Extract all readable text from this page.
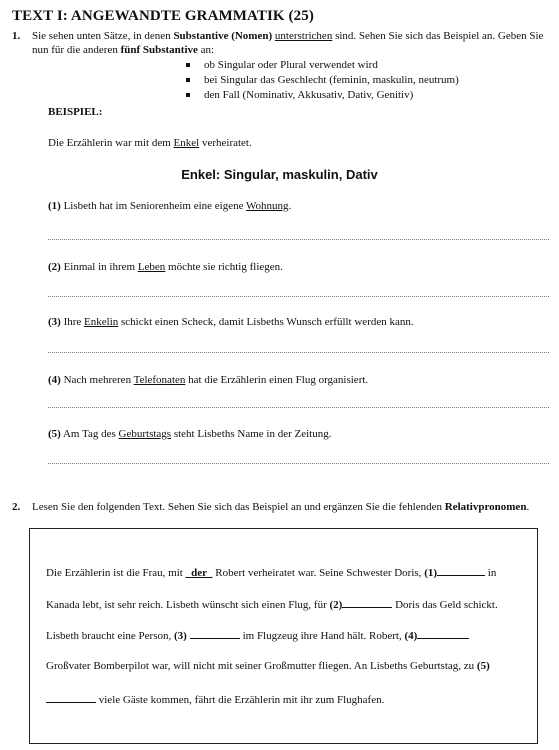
TEXT I: ANGEWANDTE GRAMMATIK (25)
1. Sie sehen unten Sätze, in denen Substantive (Nomen) unterstrichen sind. Sehen Sie sich das Beispiel an. Geben Sie
nun für die anderen fünf Substantive an:
ob Singular oder Plural verwendet wird
bei Singular das Geschlecht (feminin, maskulin, neutrum)
den Fall (Nominativ, Akkusativ, Dativ, Genitiv)
BEISPIEL:
Die Erzählerin war mit dem Enkel verheiratet.
Enkel: Singular, maskulin, Dativ
(1) Lisbeth hat im Seniorenheim eine eigene Wohnung.
(2) Einmal in ihrem Leben möchte sie richtig fliegen.
(3) Ihre Enkelin schickt einen Scheck, damit Lisbeths Wunsch erfüllt werden kann.
(4) Nach mehreren Telefonaten hat die Erzählerin einen Flug organisiert.
(5) Am Tag des Geburtstags steht Lisbeths Name in der Zeitung.
2. Lesen Sie den folgenden Text. Sehen Sie sich das Beispiel an und ergänzen Sie die fehlenden Relativpronomen.
Die Erzählerin ist die Frau, mit   der   Robert verheiratet war. Seine Schwester Doris, (1)	in
Kanada lebt, ist sehr reich. Lisbeth wünscht sich einen Flug, für (2)	Doris das Geld schickt.
Lisbeth braucht eine Person, (3)	im Flugzeug ihre Hand hält. Robert, (4)
Großvater Bomberpilot war, will nicht mit seiner Großmutter fliegen. An Lisbeths Geburtstag, zu (5)
viele Gäste kommen, fährt die Erzählerin mit ihr zum Flughafen.
